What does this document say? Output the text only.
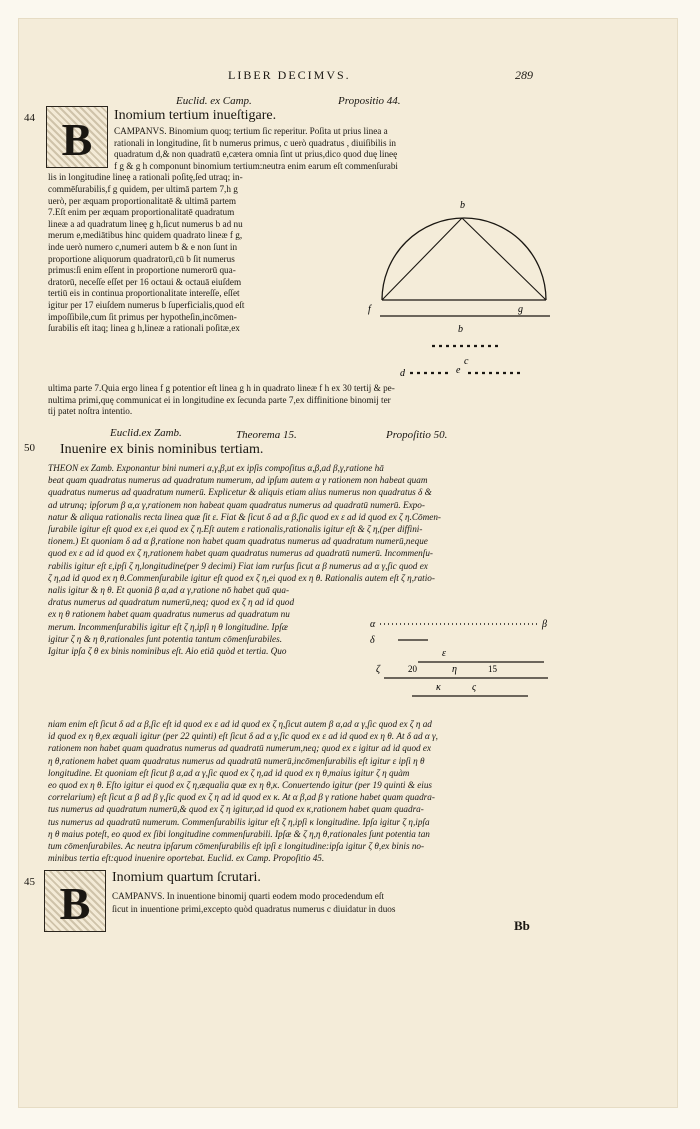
LIBER DECIMVS.	289
Euclid. ex Camp.	Propositio 44.
44 B	Inomium tertium inueſtigare.

CAMPANVS. Binomium quoq; tertium ſic reperitur. Poſita ut prius linea a

rationali in longitudine, ſit b numerus primus, c uerò quadratus , diuiſibilis in

quadratum d,& non quadratū e,cætera omnia ſint ut prius,dico quod duę lineę

f g & g h componunt binomium tertium:neutra enim earum eſt commenſurabi

lis in longitudine lineę a rationali poſitę,ſed utraq; in-

commēſurabilis,f g quidem, per ultimā partem 7,h g

uerò, per æquam proportionalitatē & ultimā partem

7.Eſt enim per æquam proportionalitatē quadratum

lineæ a ad quadratum lineę g h,ſicut numerus b ad nu

merum e,mediātibus hinc quidem quadrato lineæ f g,

inde uerò numero c,numeri autem b & e non ſunt in

proportione aliquorum quadratorū,cū b ſit numerus

primus:ſi enim eſſent in proportione numerorū qua-

dratorū, neceſſe eſſet per 16 octaui & octauā eiuſdem

tertiū eis in continua proportionalitate intereſſe, eſſet

igitur per 17 eiuſdem numerus b ſuperficialis,quod eſt

impoſſibile,cum ſit primus per hypotheſin,incōmen-

ſurabilis eſt itaq; linea g h,lineæ a rationali poſitæ,ex

b
f	g
b
c
d	e

ultima parte 7.Quia ergo linea f g potentior eſt linea g h in quadrato lineæ f h ex 30 tertij & pe-

nultima primi,quę communicat ei in longitudine ex ſecunda parte 7,ex diffinitione binomij ter

tij patet noſtra intentio.

Euclid.ex Zamb.	Theorema 15.	Propoſitio 50.
50 Inuenire ex binis nominibus tertiam.

THEON ex Zamb. Exponantur bini numeri α,γ,β,ut ex ipſis compoſitus α,β,ad β,γ,ratione hā

beat quam quadratus numerus ad quadratum numerum, ad ipſum autem α γ rationem non habeat quam

quadratus numerus ad quadratum numerū. Explicetur & aliquis etiam alius numerus non quadratus δ &

ad utrunq; ipſorum β α,α γ,rationem non habeat quam quadratus numerus ad quadratū numerū. Expo-

natur & aliqua rationalis recta linea quæ ſit ε. Fiat & ſicut δ ad α β,ſic quod ex ε ad id quod ex ζ η.Cōmen-

ſurabile igitur eſt quod ex ε,ei quod ex ζ η.Eſt autem ε rationalis,rationalis igitur eſt & ζ η,(per diffini-

tionem.) Et quoniam δ ad α β,ratione non habet quam quadratus numerus ad quadratum numerū,neque

quod ex ε ad id quod ex ζ η,rationem habet quam quadratus numerus ad quadratū numerū. Incommenſu-

rabilis igitur eſt ε,ipſi ζ η,longitudine(per 9 decimi) Fiat iam rurſus ſicut α β numerus ad α γ,ſic quod ex

ζ η,ad id quod ex η θ.Commenſurabile igitur eſt quod ex ζ η,ei quod ex η θ. Rationalis autem eſt ζ η,ratio-

nalis igitur & η θ. Et quoniā β α,ad α γ,ratione nō habet quā qua-

dratus numerus ad quadratum numerū,neq; quod ex ζ η ad id quod

ex η θ rationem habet quam quadratus numerus ad quadratum nu

merum. Incommenſurabilis igitur eſt ζ η,ipſi η θ longitudine. Ipſæ

igitur ζ η & η θ,rationales ſunt potentia tantum cōmenſurabiles.

Igitur ipſa ζ θ ex binis nominibus eſt. Aio etiā quòd et tertia. Quo

α	β
δ
ε
ζ	20	15
η
κ	ς

niam enim eſt ſicut δ ad α β,ſic eſt id quod ex ε ad id quod ex ζ η,ſicut autem β α,ad α γ,ſic quod ex ζ η ad

id quod ex η θ,ex æquali igitur (per 22 quinti) eſt ſicut δ ad α γ,ſic quod ex ε ad id quod ex η θ. At δ ad α γ,

rationem non habet quam quadratus numerus ad quadratū numerum,neq; quod ex ε igitur ad id quod ex

η θ,rationem habet quam quadratus numerus ad quadratū numerū,incōmenſurabilis eſt igitur ε ipſi η θ

longitudine. Et quoniam eſt ſicut β α,ad α γ,ſic quod ex ζ η,ad id quod ex η θ,maius igitur ζ η quàm

eo quod ex η θ. Eſto igitur ei quod ex ζ η,æqualia quæ ex η θ,κ. Conuertendo igitur (per 19 quinti & eius

correlarium) eſt ſicut α β ad β γ,ſic quod ex ζ η ad id quod ex κ. At α β,ad β γ ratione habet quam quadra-

tus numerus ad quadratum numerū,& quod ex ζ η igitur,ad id quod ex κ,rationem habet quam quadra-

tus numerus ad quadratū numerum. Commenſurabilis igitur eſt ζ η,ipſi κ longitudine. Ipſa igitur ζ η,ipſa

η θ maius poteſt, eo quod ex ſibi longitudine commenſurabili. Ipſæ & ζ η,η θ,rationales ſunt potentia tan

tum cōmenſurabiles. Ac neutra ipſarum cōmenſurabilis eſt ipſi ε longitudine:ipſa igitur ζ θ,ex binis no-

minibus tertia eſt:quod inuenire oportebat. Euclid. ex Camp. Propoſitio 45.

45 B
Inomium quartum ſcrutari.

CAMPANVS. In inuentione binomij quarti eodem modo procedendum eſt

ſicut in inuentione primi,excepto quòd quadratus numerus c diuidatur in duos

Bb
